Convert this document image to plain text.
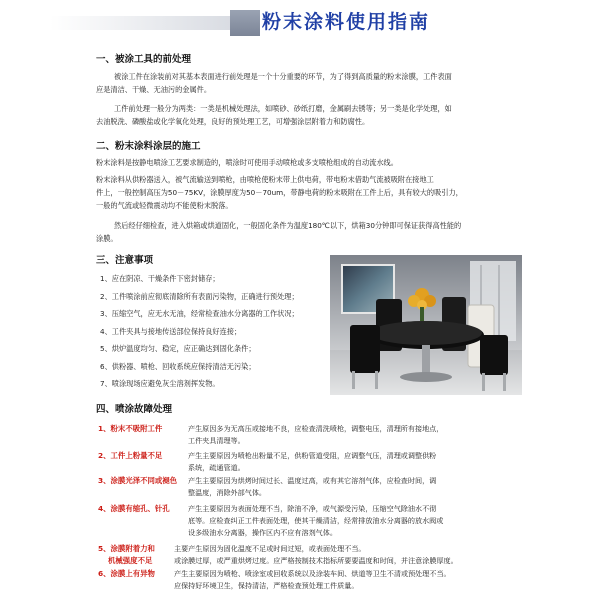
粉末涂料使用指南
一、被涂工具的前处理
被涂工件在涂装前对其基本表面进行前处理是一个十分重要的环节，为了得到高质量的粉末涂膜，工件表面
应是清洁、干燥、无油污的金属件。
工件前处理一般分为两类：一类是机械处理法，如喷砂、砂纸打磨，金属刷去锈等；另一类是化学处理，如
去油脱洗、磷酸盐或化学氧化处理，良好的预处理工艺，可增强涂层附着力和防腐性。
二、粉末涂料涂层的施工
粉末涂料是按静电喷涂工艺要求制造的，喷涂时可使用手动喷枪或多支喷枪组成的自动流水线。
粉末涂料从供粉器送入，被气流输送到喷枪，由喷枪使粉末带上供电荷，带电粉末借助气流被吸附在接地工
件上，一般控制高压为50－75KV，涂膜厚度为50－70um，带静电荷的粉末吸附在工件上后，具有较大的吸引力，
一般的气流或轻微震动均不能使粉末脱落。
然后经仔细检查，进入烘箱或烘道固化，一般固化条件为温度180℃以下，烘箱30分钟即可保证获得高性能的
涂膜。
三、注意事项
1、应在阴凉、干燥条件下密封储存；
2、工件喷涂前应彻底清除所有表面污染物，正确进行预处理；
3、压缩空气，应无水无油，经常检查油水分离器的工作状况；
4、工件夹具与接地传送部位保持良好连接；
5、烘炉温度均匀、稳定，应正确达到固化条件；
6、供粉器、喷枪、回收系统应保持清洁无污染；
7、喷涂现场应避免灰尘溶剂挥发物。
四、喷涂故障处理
1、粉末不吸附工件	产生原因多为无高压或接地不良，应检查清洗喷枪，调整电压，清理所有接地点，
工件夹具清理等。
2、工件上粉量不足	产生主要原因为喷枪出粉量不足，供粉管道受阻，应调整气压，清理或调整供粉
系统，疏通管道。
3、涂膜光泽不同或褪色 产生主要原因为烘烤时间过长、温度过高，或有其它溶剂气体，应检查时间，调
整温度，消除外部气体。
4、涂膜有缩孔、针孔	产生主要原因为表面处理不当，除油不净，或气源受污染，压缩空气除油水不彻
底等。应检查纠正工件表面处理，使其干燥清洁，经常排放油水分离器的放水阀或
设多级油水分离器，操作区内不应有溶剂气体。
5、涂膜附着力和
机械强度不足
主要产生原因为固化温度不足或时间过短，或表面处理不当。
或涂膜过厚，或严重烘烤过度。应严格按制技术指标所要要温度和时间，并注意涂膜厚度。
6、涂膜上有异物	产生主要原因为喷枪、喷涂室或回收系统以及涂装车间、烘道等卫生不清或预处理不当。
应保持好环境卫生，保持清洁，严格检查预处理工件质量。
